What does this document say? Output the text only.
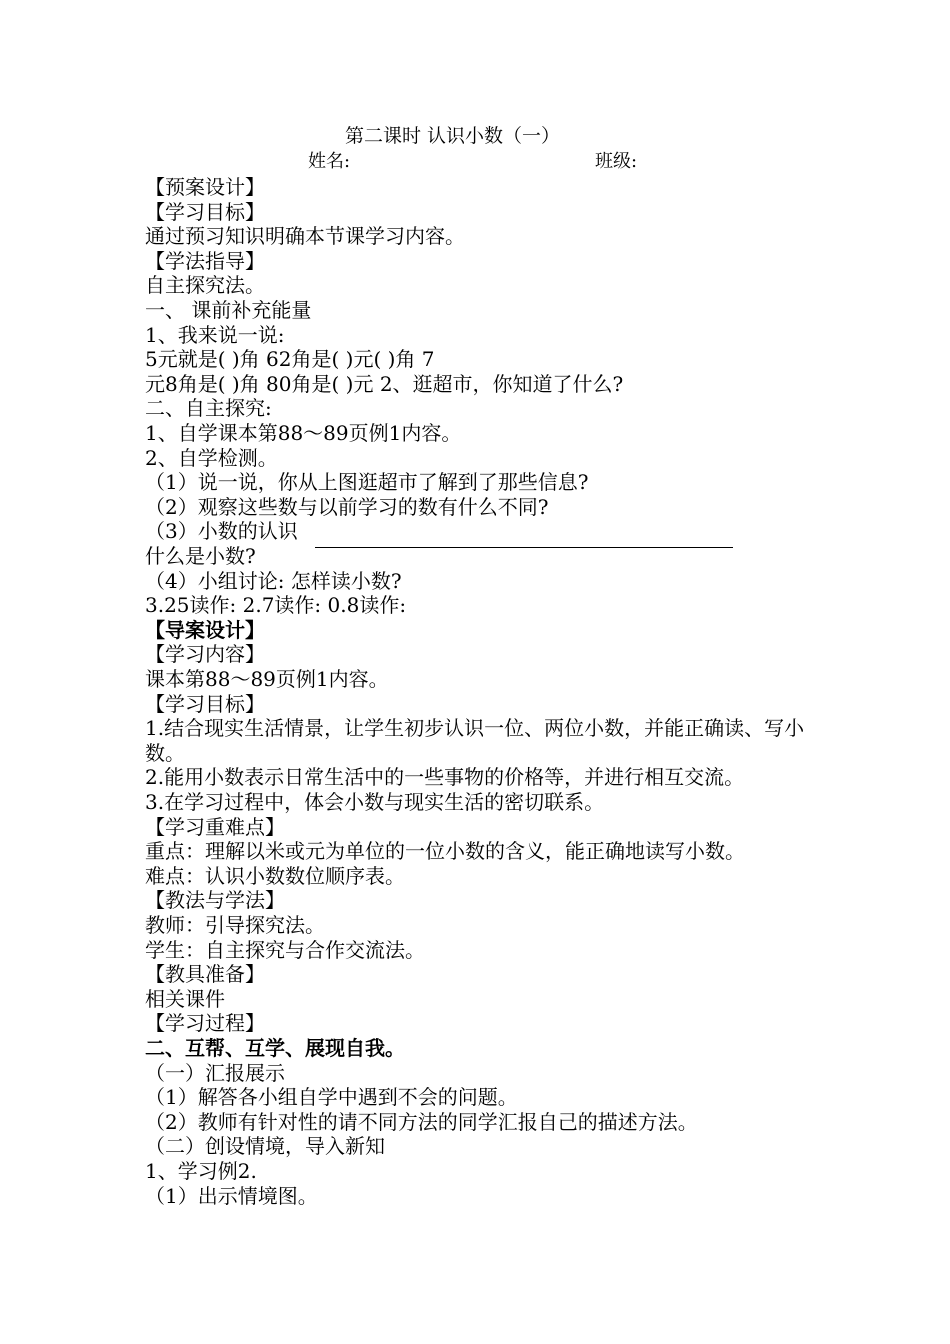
第二课时 认识小数（一）
姓名:	班级:
【预案设计】
【学习目标】
通过预习知识明确本节课学习内容。
【学法指导】
自主探究法。
一、 课前补充能量
1、我来说一说:
5元就是( )角 62角是( )元( )角 7
元8角是( )角 80角是( )元 2、逛超市，你知道了什么?
二、自主探究:
1、自学课本第88～89页例1内容。
2、自学检测。
（1）说一说，你从上图逛超市了解到了那些信息?
（2）观察这些数与以前学习的数有什么不同?
（3）小数的认识
什么是小数?
（4）小组讨论: 怎样读小数?
3.25读作: 2.7读作: 0.8读作:
【导案设计】
【学习内容】
课本第88～89页例1内容。
【学习目标】
1.结合现实生活情景，让学生初步认识一位、两位小数，并能正确读、写小
数。
2.能用小数表示日常生活中的一些事物的价格等，并进行相互交流。
3.在学习过程中，体会小数与现实生活的密切联系。
【学习重难点】
重点：理解以米或元为单位的一位小数的含义，能正确地读写小数。
难点：认识小数数位顺序表。
【教法与学法】
教师：引导探究法。
学生：自主探究与合作交流法。
【教具准备】
相关课件
【学习过程】
二、互帮、互学、展现自我。
（一）汇报展示
（1）解答各小组自学中遇到不会的问题。
（2）教师有针对性的请不同方法的同学汇报自己的描述方法。
（二）创设情境，导入新知
1、学习例2.
（1）出示情境图。
